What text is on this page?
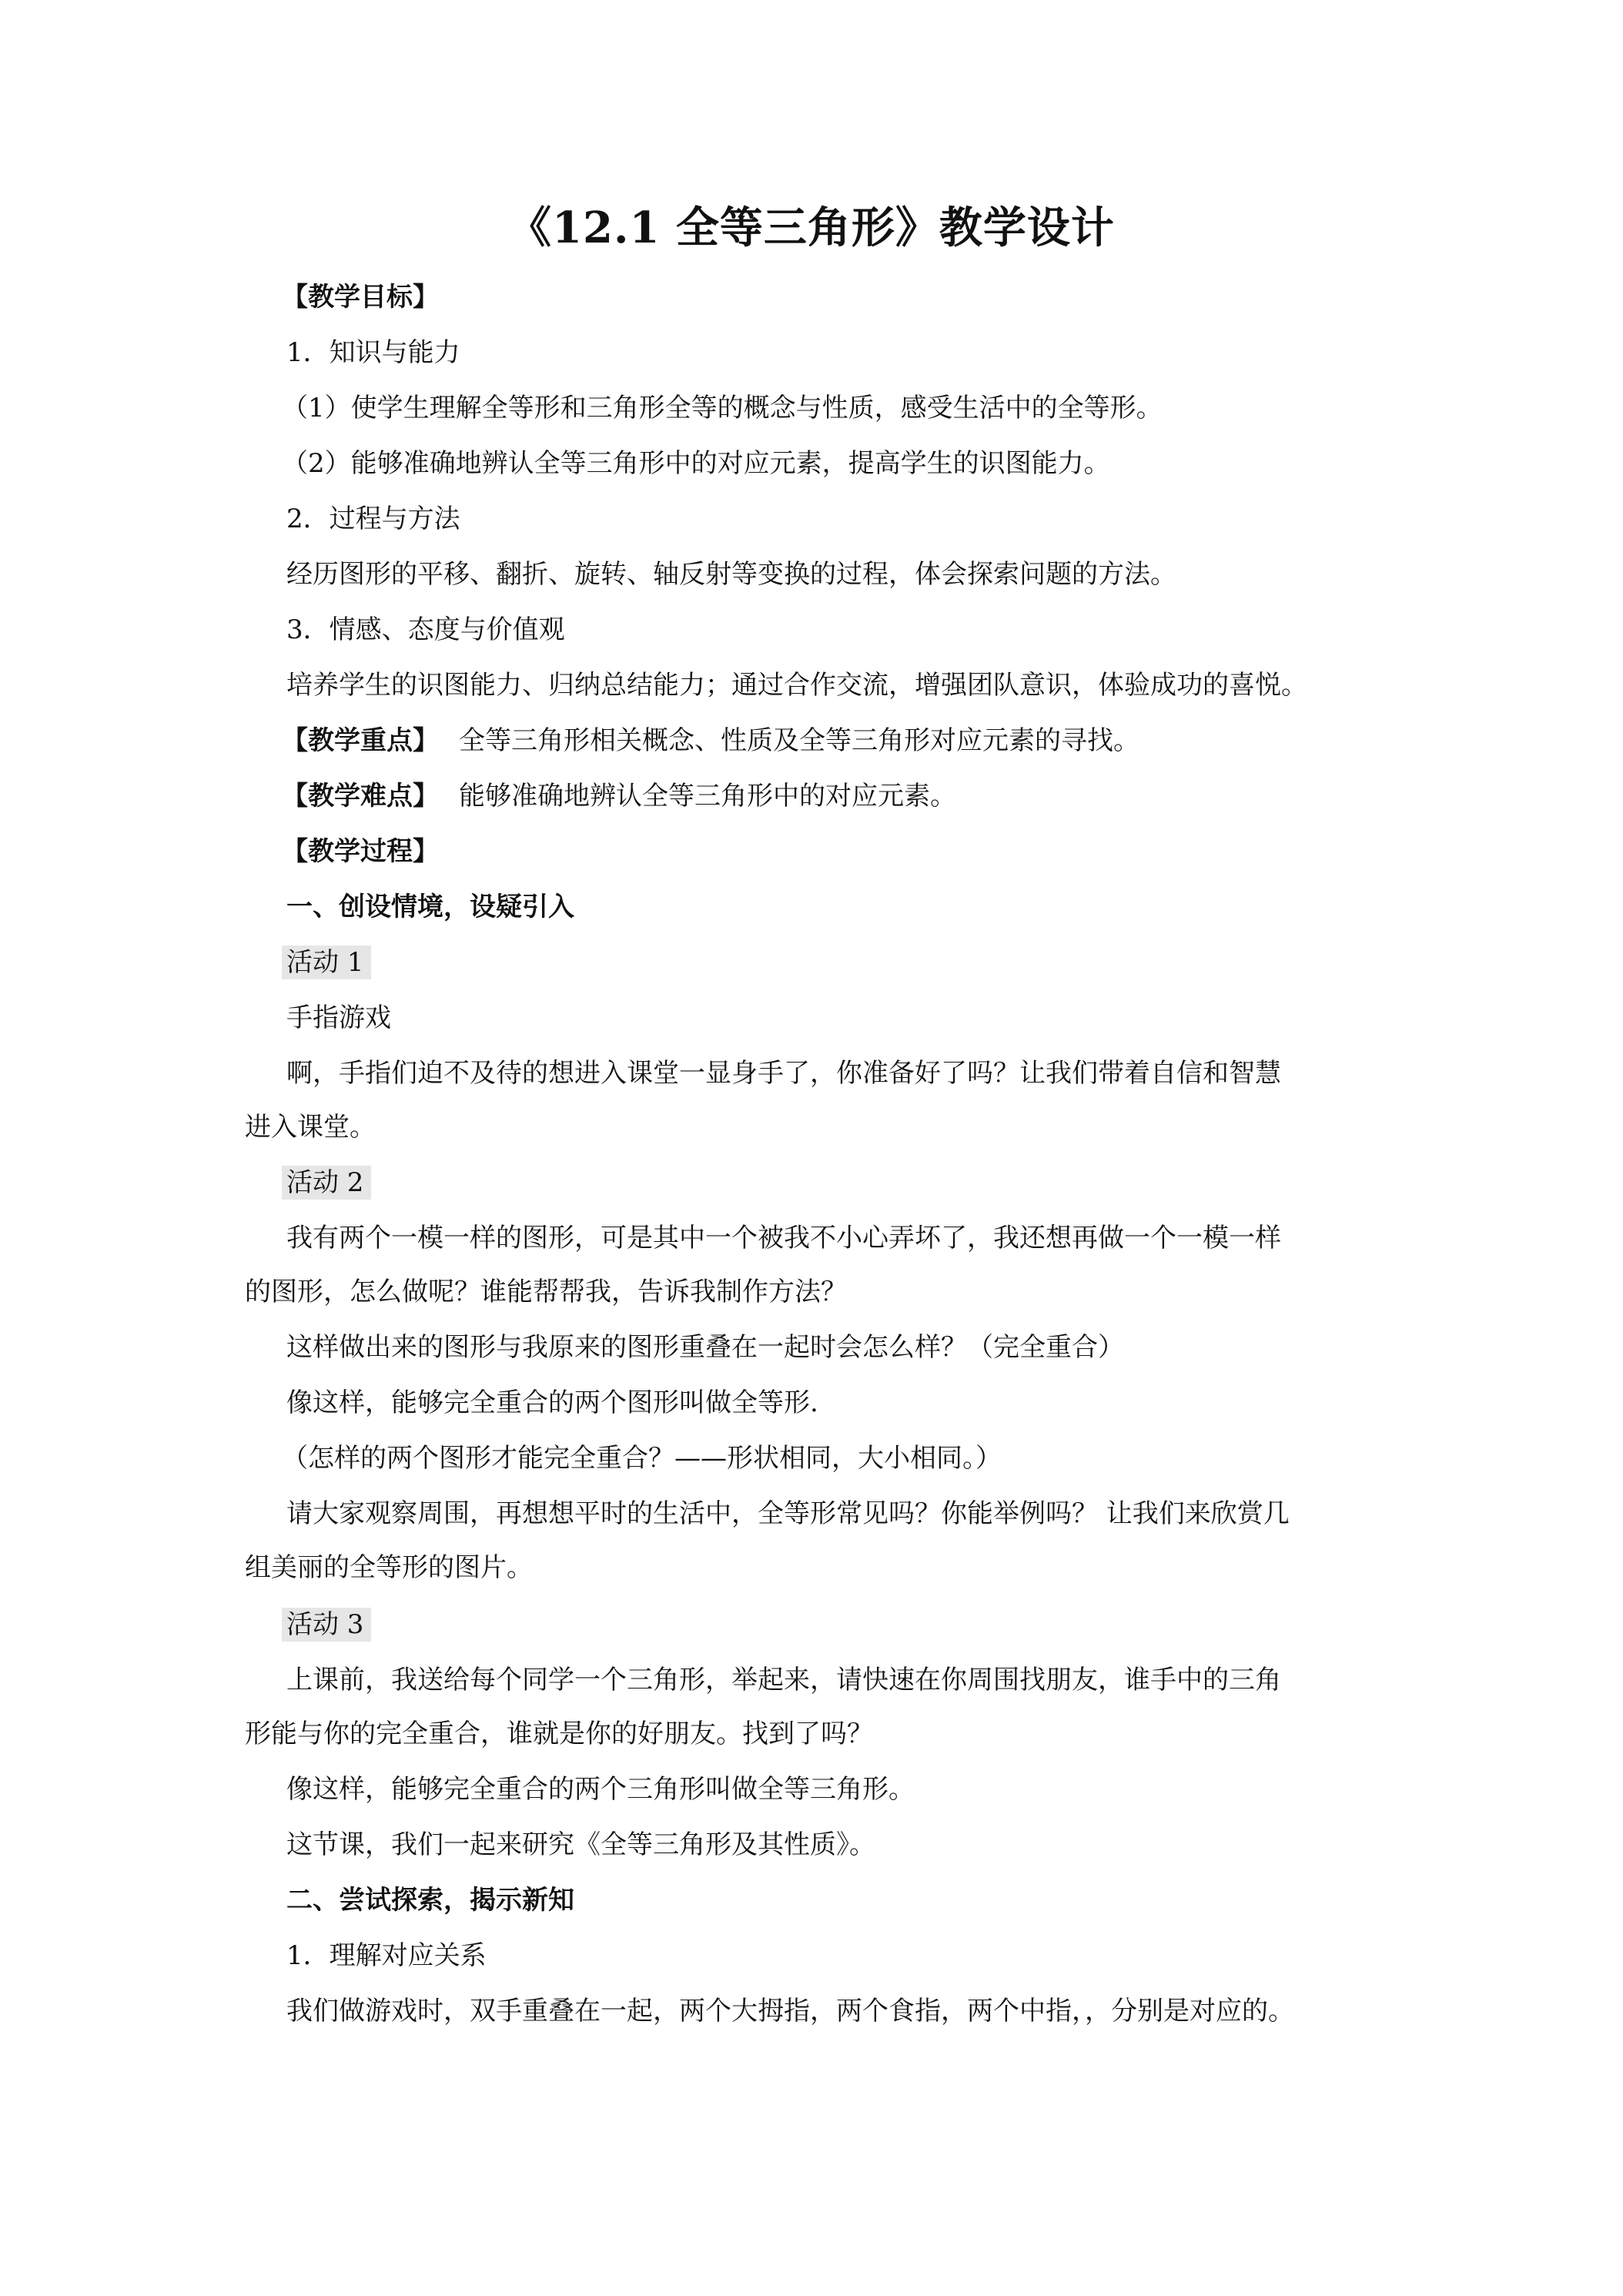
《12.1 全等三角形》教学设计
【教学目标】
1．知识与能力
（1）使学生理解全等形和三角形全等的概念与性质，感受生活中的全等形。
（2）能够准确地辨认全等三角形中的对应元素，提高学生的识图能力。
2．过程与方法
经历图形的平移、翻折、旋转、轴反射等变换的过程，体会探索问题的方法。
3．情感、态度与价值观
培养学生的识图能力、归纳总结能力；通过合作交流，增强团队意识，体验成功的喜悦。
【教学重点】 全等三角形相关概念、性质及全等三角形对应元素的寻找。
【教学难点】 能够准确地辨认全等三角形中的对应元素。
【教学过程】
一、创设情境，设疑引入
活动 1
手指游戏
啊，手指们迫不及待的想进入课堂一显身手了，你准备好了吗？让我们带着自信和智慧
进入课堂。
活动 2
我有两个一模一样的图形，可是其中一个被我不小心弄坏了，我还想再做一个一模一样
的图形，怎么做呢？谁能帮帮我，告诉我制作方法？
这样做出来的图形与我原来的图形重叠在一起时会怎么样？（完全重合）
像这样，能够完全重合的两个图形叫做全等形.
（怎样的两个图形才能完全重合？——形状相同，大小相同。）
请大家观察周围，再想想平时的生活中，全等形常见吗？你能举例吗？ 让我们来欣赏几
组美丽的全等形的图片。
活动 3
上课前，我送给每个同学一个三角形，举起来，请快速在你周围找朋友，谁手中的三角
形能与你的完全重合，谁就是你的好朋友。找到了吗？
像这样，能够完全重合的两个三角形叫做全等三角形。
这节课，我们一起来研究《全等三角形及其性质》。
二、尝试探索，揭示新知
1．理解对应关系
我们做游戏时，双手重叠在一起，两个大拇指，两个食指，两个中指，，分别是对应的。
